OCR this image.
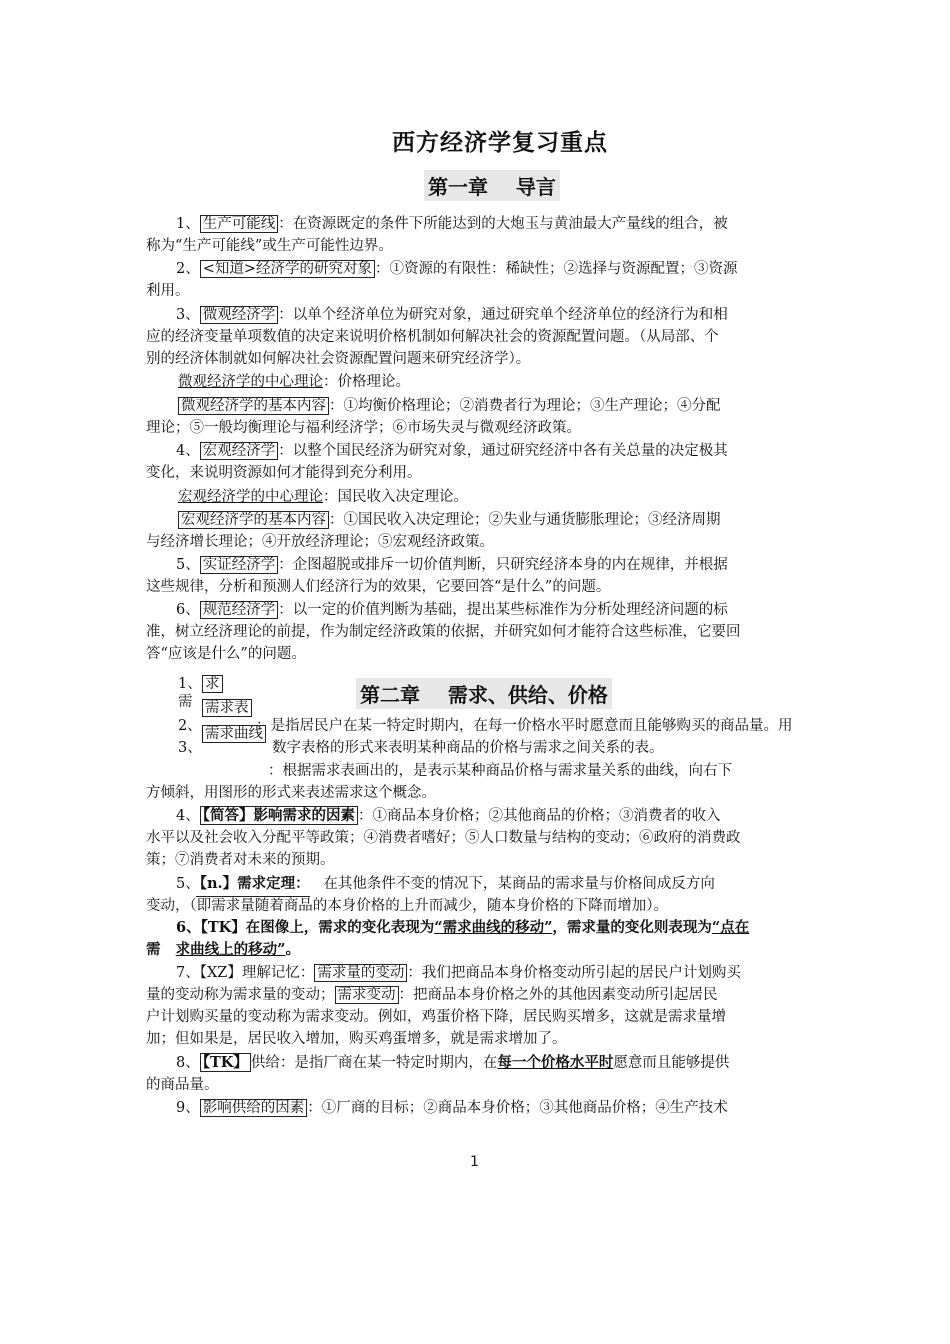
西方经济学复习重点
第一章    导言
1、 生产可能线 ：在资源既定的条件下所能达到的大炮玉与黄油最大产量线的组合，被
称为“生产可能线”或生产可能性边界。
2、 <知道>经济学的研究对象 ：①资源的有限性：稀缺性；②选择与资源配置；③资源
利用。
3、 微观经济学 ：以单个经济单位为研究对象，通过研究单个经济单位的经济行为和相
应的经济变量单项数值的决定来说明价格机制如何解决社会的资源配置问题。（从局部、个
别的经济体制就如何解决社会资源配置问题来研究经济学）。
微观经济学的中心理论：价格理论。
微观经济学的基本内容 ：①均衡价格理论；②消费者行为理论；③生产理论；④分配
理论；⑤一般均衡理论与福利经济学；⑥市场失灵与微观经济政策。
4、 宏观经济学 ：以整个国民经济为研究对象，通过研究经济中各有关总量的决定极其
变化，来说明资源如何才能得到充分利用。
宏观经济学的中心理论：国民收入决定理论。
宏观经济学的基本内容 ：①国民收入决定理论；②失业与通货膨胀理论；③经济周期
与经济增长理论；④开放经济理论；⑤宏观经济政策。
5、 实证经济学 ：企图超脱或排斥一切价值判断，只研究经济本身的内在规律，并根据
这些规律，分析和预测人们经济行为的效果，它要回答“是什么”的问题。
6、 规范经济学 ：以一定的价值判断为基础，提出某些标准作为分析处理经济问题的标
准，树立经济理论的前提，作为制定经济政策的依据，并研究如何才能符合这些标准，它要回
答“应该是什么”的问题。
第二章    需求、供给、价格
1、 求
需 需求表
2、	：是指居民户在某一特定时期内，在每一价格水平时愿意而且能够购买的商品量。用
需求曲线
3、	数字表格的形式来表明某种商品的价格与需求之间关系的表。
：根据需求表画出的，是表示某种商品价格与需求量关系的曲线，向右下
方倾斜，用图形的形式来表述需求这个概念。
4、 【简答】影响需求的因素 ：①商品本身价格；②其他商品的价格；③消费者的收入
水平以及社会收入分配平等政策；④消费者嗜好；⑤人口数量与结构的变动；⑥政府的消费政
策；⑦消费者对未来的预期。
5、【n.】需求定理： 在其他条件不变的情况下，某商品的需求量与价格间成反方向
变动，（即需求量随着商品的本身价格的上升而减少，随本身价格的下降而增加）。
6、【TK】在图像上，需求的变化表现为“需求曲线的移动”，需求量的变化则表现为“点在
需 求曲线上的移动”。
7、【XZ】理解记忆： 需求量的变动 ：我们把商品本身价格变动所引起的居民户计划购买
量的变动称为需求量的变动； 需求变动 ：把商品本身价格之外的其他因素变动所引起居民
户计划购买量的变动称为需求变动。例如，鸡蛋价格下降，居民购买增多，这就是需求量增
加；但如果是，居民收入增加，购买鸡蛋增多，就是需求增加了。
8、 【TK】 供给：是指厂商在某一特定时期内，在每一个价格水平时愿意而且能够提供
的商品量。
9、 影响供给的因素 ：①厂商的目标；②商品本身价格；③其他商品价格；④生产技术
1
